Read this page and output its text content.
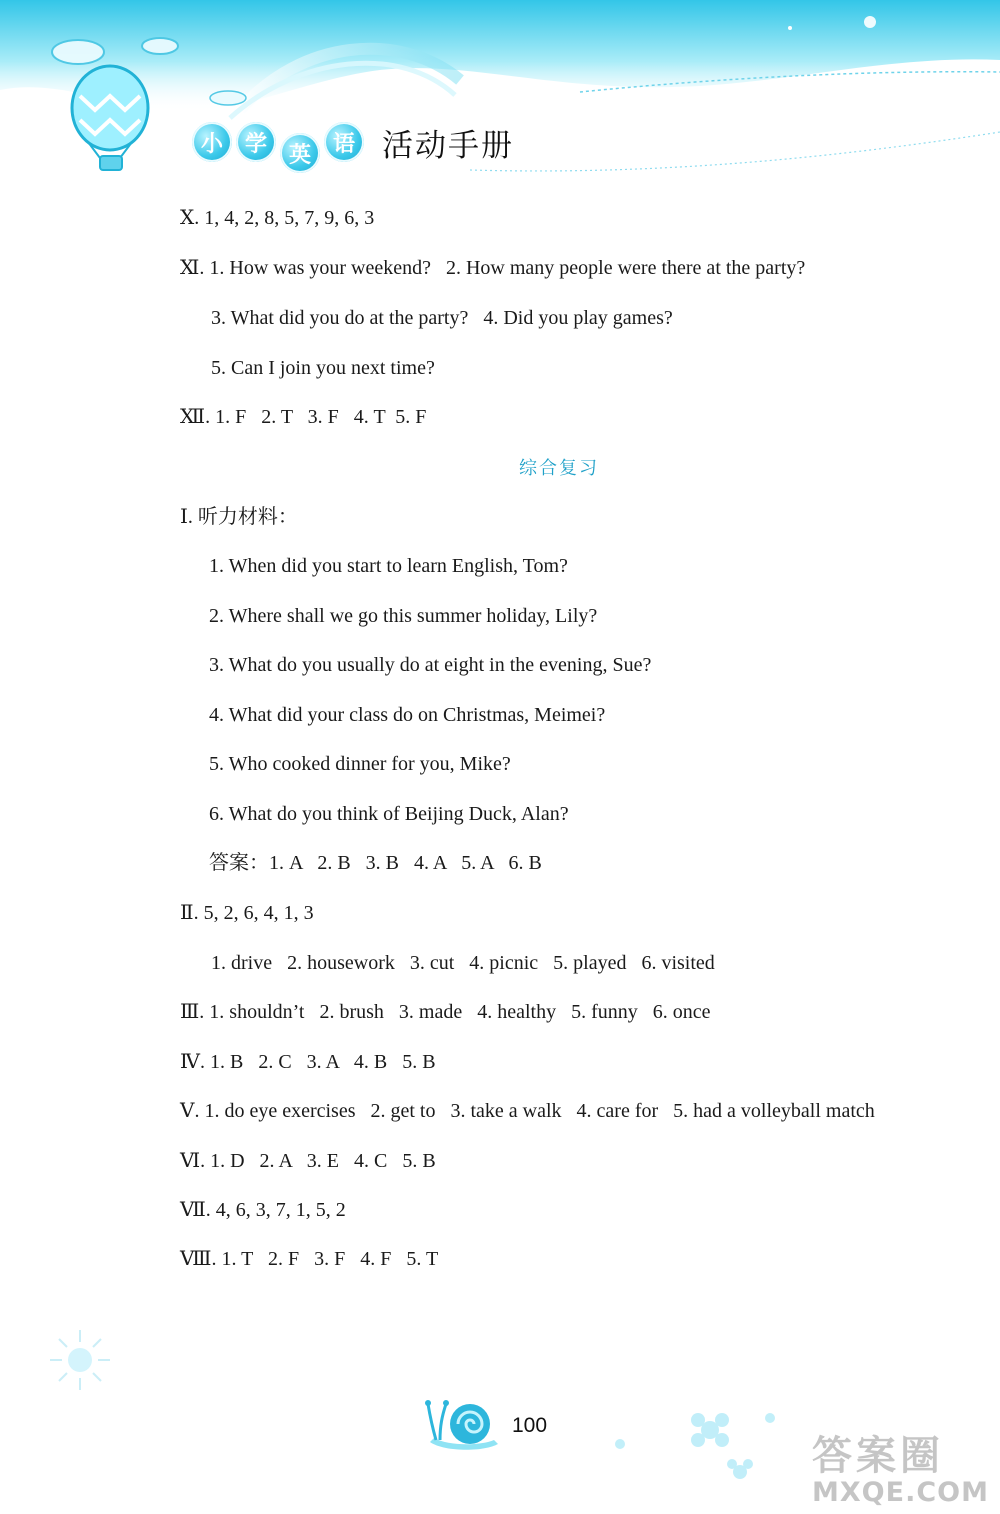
小 学 英 语 活动手册
Ⅹ. 1, 4, 2, 8, 5, 7, 9, 6, 3
Ⅺ. 1. How was your weekend?   2. How many people were there at the party?
3. What did you do at the party?   4. Did you play games?
5. Can I join you next time?
Ⅻ. 1. F   2. T   3. F   4. T  5. F
综合复习
Ⅰ. 听力材料：
1. When did you start to learn English, Tom?
2. Where shall we go this summer holiday, Lily?
3. What do you usually do at eight in the evening, Sue?
4. What did your class do on Christmas, Meimei?
5. Who cooked dinner for you, Mike?
6. What do you think of Beijing Duck, Alan?
答案：1. A   2. B   3. B   4. A   5. A   6. B
Ⅱ. 5, 2, 6, 4, 1, 3
1. drive   2. housework   3. cut   4. picnic   5. played   6. visited
Ⅲ. 1. shouldn’t   2. brush   3. made   4. healthy   5. funny   6. once
Ⅳ. 1. B   2. C   3. A   4. B   5. B
Ⅴ. 1. do eye exercises   2. get to   3. take a walk   4. care for   5. had a volleyball match
Ⅵ. 1. D   2. A   3. E   4. C   5. B
Ⅶ. 4, 6, 3, 7, 1, 5, 2
Ⅷ. 1. T   2. F   3. F   4. F   5. T
100
答案圈
MXQE.COM
